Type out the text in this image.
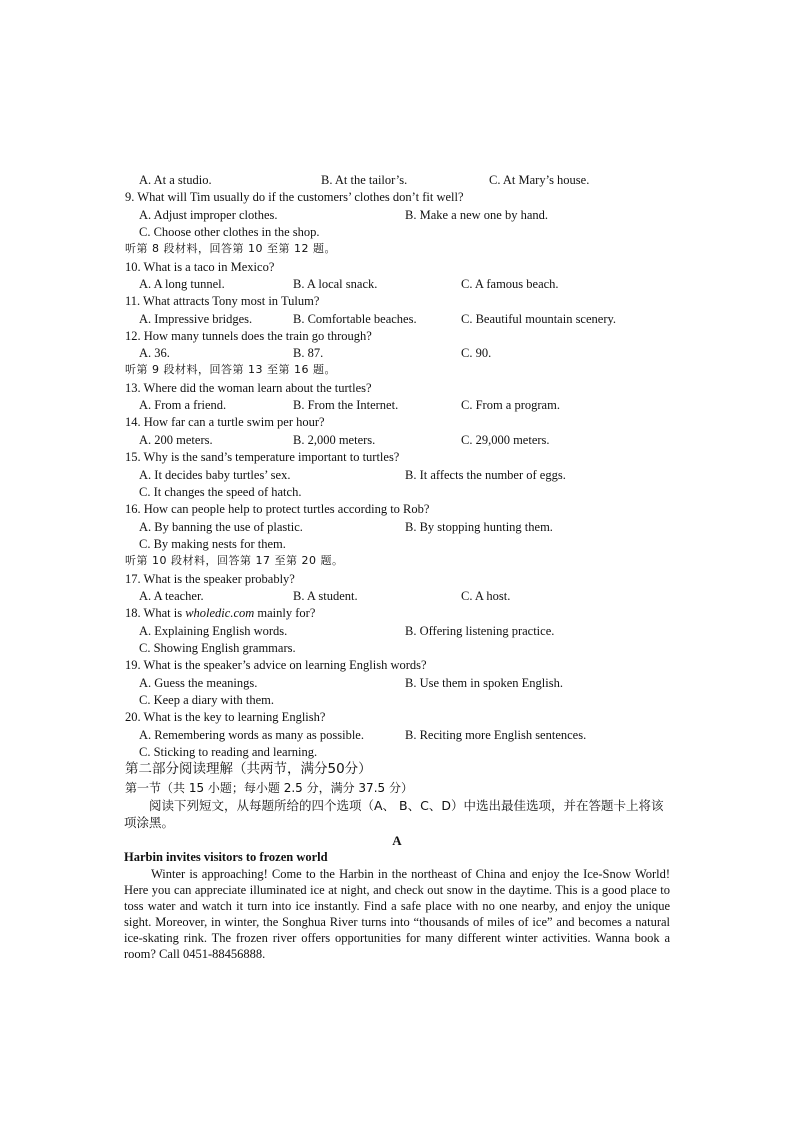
A. At a studio.	B. At the tailor’s.	C. At Mary’s house.
9. What will Tim usually do if the customers’ clothes don’t fit well?
A. Adjust improper clothes.	B. Make a new one by hand.
C. Choose other clothes in the shop.
听第 8 段材料，回答第 10 至第 12 题。
10. What is a taco in Mexico?
A. A long tunnel.	B. A local snack.	C. A famous beach.
11. What attracts Tony most in Tulum?
A. Impressive bridges.	B. Comfortable beaches.	C. Beautiful mountain scenery.
12. How many tunnels does the train go through?
A. 36.	B. 87.	C. 90.
听第 9 段材料，回答第 13 至第 16 题。
13. Where did the woman learn about the turtles?
A. From a friend.	B. From the Internet.	C. From a program.
14. How far can a turtle swim per hour?
A. 200 meters.	B. 2,000 meters.	C. 29,000 meters.
15. Why is the sand’s temperature important to turtles?
A. It decides baby turtles’ sex.	B. It affects the number of eggs.
C. It changes the speed of hatch.
16. How can people help to protect turtles according to Rob?
A. By banning the use of plastic.	B. By stopping hunting them.
C. By making nests for them.
听第 10 段材料，回答第 17 至第 20 题。
17. What is the speaker probably?
A. A teacher.	B. A student.	C. A host.
18. What is wholedic.com mainly for?
A. Explaining English words.	B. Offering listening practice.
C. Showing English grammars.
19. What is the speaker’s advice on learning English words?
A. Guess the meanings.	B. Use them in spoken English.
C. Keep a diary with them.
20. What is the key to learning English?
A. Remembering words as many as possible.	B. Reciting more English sentences.
C. Sticking to reading and learning.
第二部分阅读理解（共两节，满分50分）
第一节（共 15 小题；每小题 2.5 分，满分 37.5 分）
阅读下列短文，从每题所给的四个选项（A、 B、C、D）中选出最佳选项，并在答题卡上将该项涂黑。
A
Harbin invites visitors to frozen world
Winter is approaching! Come to the Harbin in the northeast of China and enjoy the Ice-Snow World! Here you can appreciate illuminated ice at night, and check out snow in the daytime. This is a good place to toss water and watch it turn into ice instantly. Find a safe place with no one nearby, and enjoy the unique sight. Moreover, in winter, the Songhua River turns into “thousands of miles of ice” and becomes a natural ice-skating rink. The frozen river offers opportunities for many different winter activities. Wanna book a room? Call 0451-88456888.
